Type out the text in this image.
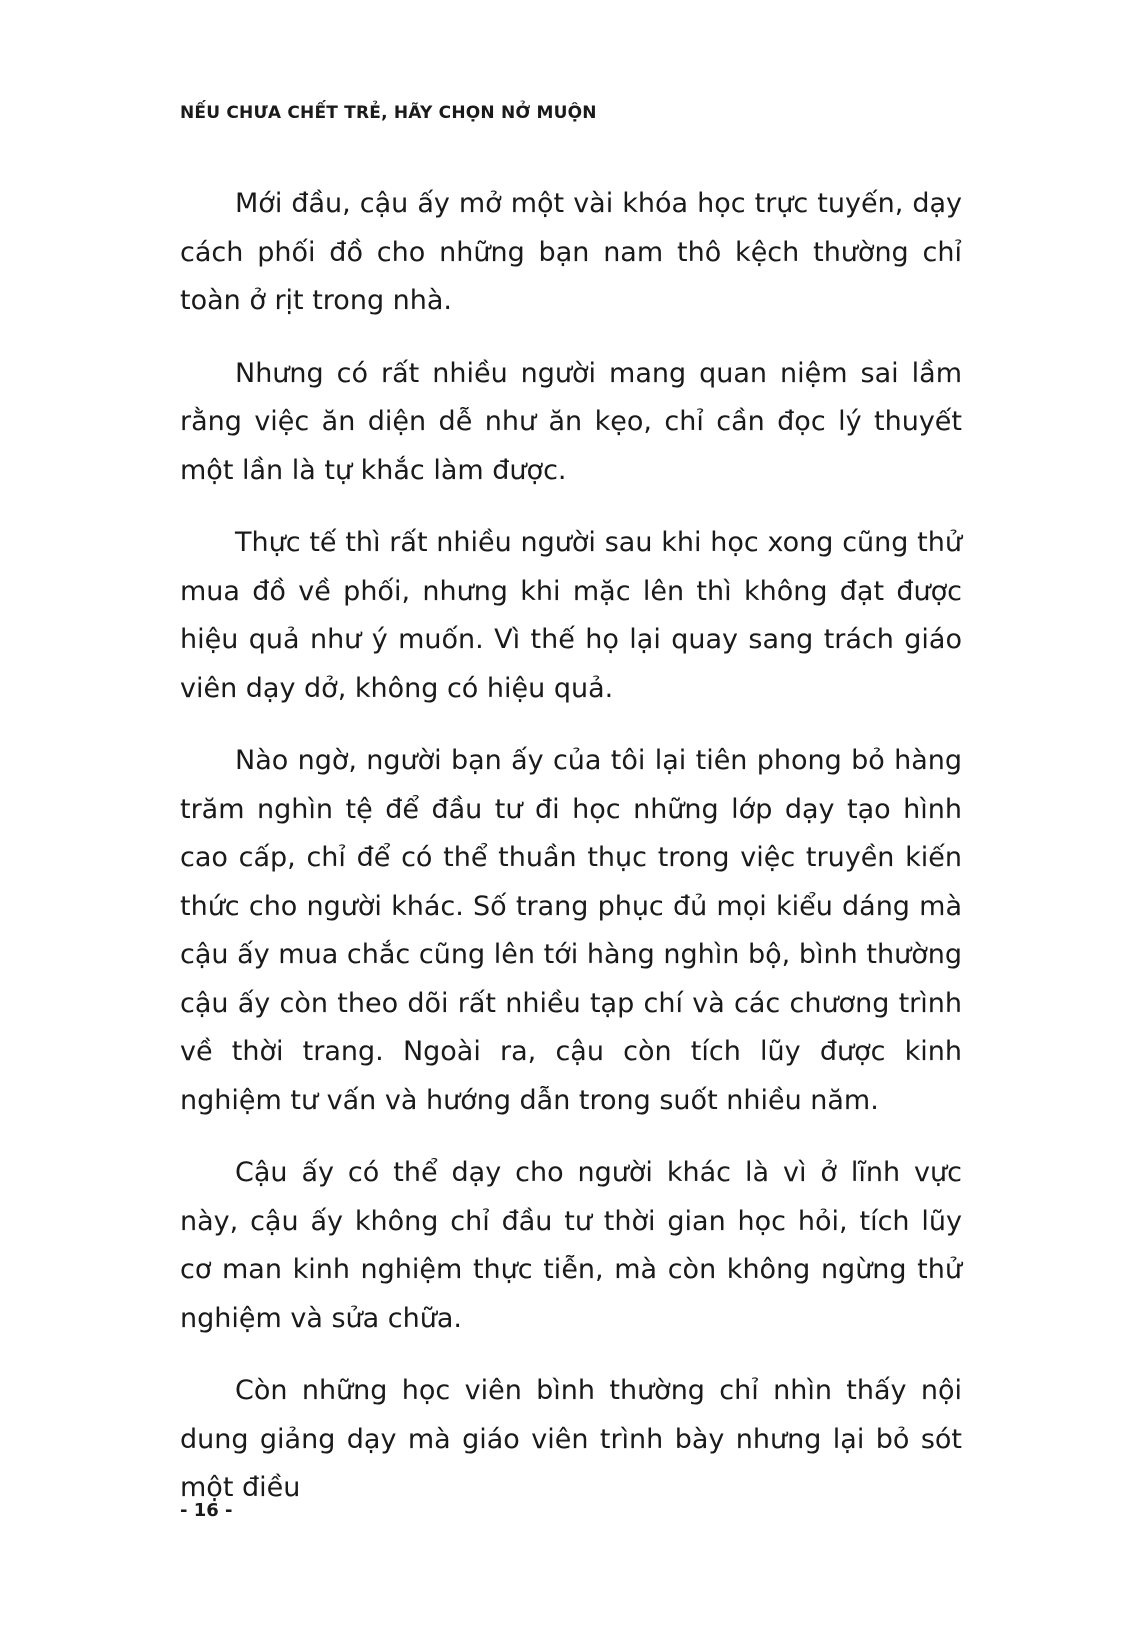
NẾU CHƯA CHẾT TRẺ, HÃY CHỌN NỞ MUỘN

Mới đầu, cậu ấy mở một vài khóa học trực tuyến, dạy cách phối đồ cho những bạn nam thô kệch thường chỉ toàn ở rịt trong nhà.

Nhưng có rất nhiều người mang quan niệm sai lầm rằng việc ăn diện dễ như ăn kẹo, chỉ cần đọc lý thuyết một lần là tự khắc làm được.

Thực tế thì rất nhiều người sau khi học xong cũng thử mua đồ về phối, nhưng khi mặc lên thì không đạt được hiệu quả như ý muốn. Vì thế họ lại quay sang trách giáo viên dạy dở, không có hiệu quả.

Nào ngờ, người bạn ấy của tôi lại tiên phong bỏ hàng trăm nghìn tệ để đầu tư đi học những lớp dạy tạo hình cao cấp, chỉ để có thể thuần thục trong việc truyền kiến thức cho người khác. Số trang phục đủ mọi kiểu dáng mà cậu ấy mua chắc cũng lên tới hàng nghìn bộ, bình thường cậu ấy còn theo dõi rất nhiều tạp chí và các chương trình về thời trang. Ngoài ra, cậu còn tích lũy được kinh nghiệm tư vấn và hướng dẫn trong suốt nhiều năm.

Cậu ấy có thể dạy cho người khác là vì ở lĩnh vực này, cậu ấy không chỉ đầu tư thời gian học hỏi, tích lũy cơ man kinh nghiệm thực tiễn, mà còn không ngừng thử nghiệm và sửa chữa.

Còn những học viên bình thường chỉ nhìn thấy nội dung giảng dạy mà giáo viên trình bày nhưng lại bỏ sót một điều

- 16 -
